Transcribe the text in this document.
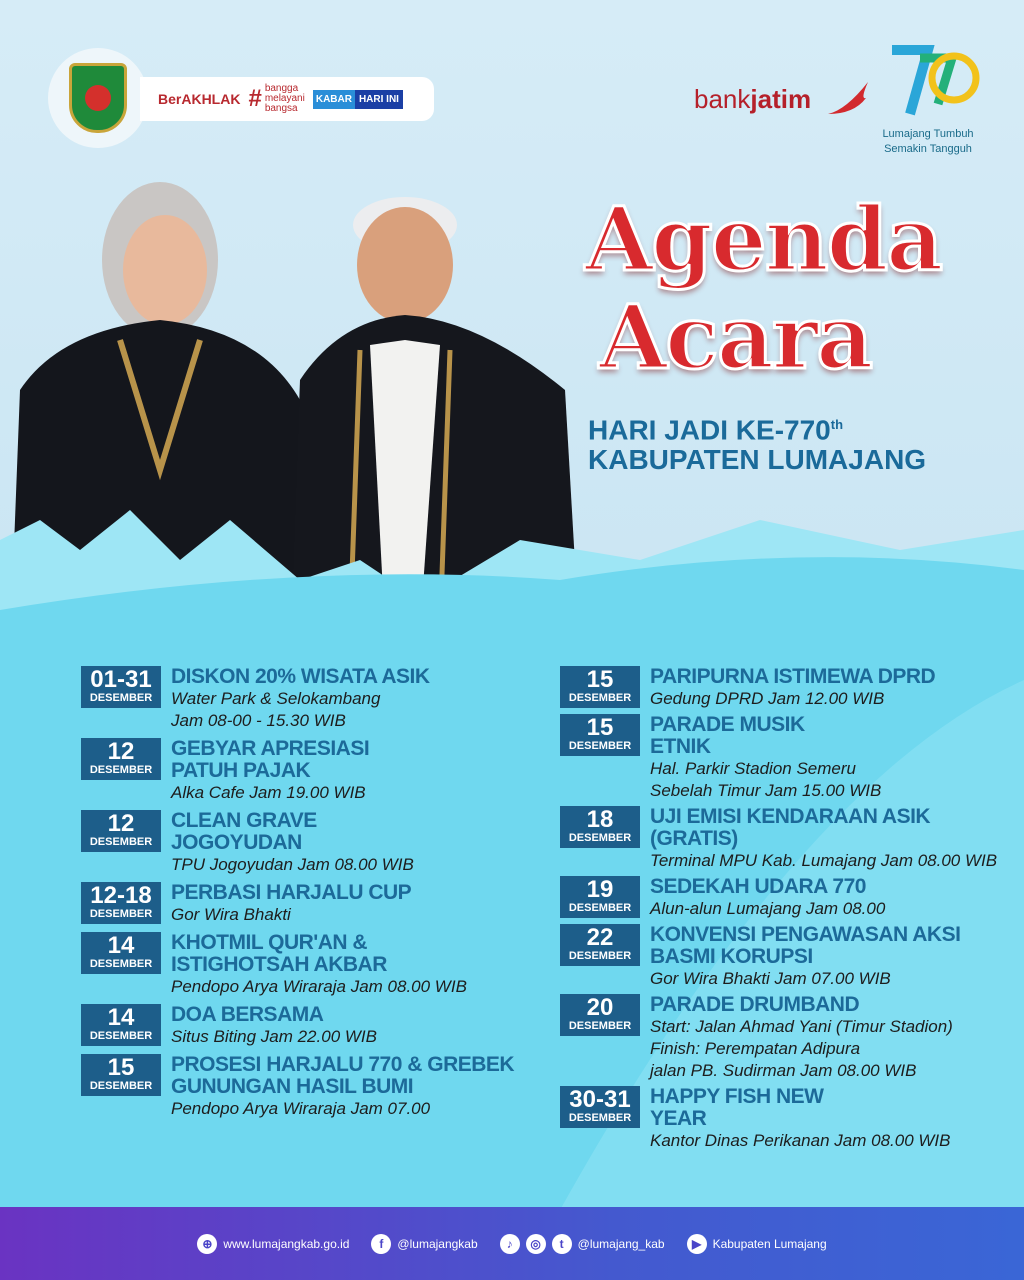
BerAKHLAK # bangga
melayani
bangsa
KABAR HARI INI	bankjatim
Lumajang Tumbuh Semakin Tangguh
Agenda
Acara
HARI JADI KE-770th
KABUPATEN LUMAJANG
01-31
DESEMBER
DISKON 20% WISATA ASIK
Water Park & Selokambang
Jam 08-00 - 15.30 WIB
12
DESEMBER
GEBYAR APRESIASI PATUH PAJAK
Alka Cafe Jam 19.00 WIB
12
DESEMBER
CLEAN GRAVE JOGOYUDAN
TPU Jogoyudan Jam 08.00 WIB
12-18
DESEMBER
PERBASI HARJALU CUP
Gor Wira Bhakti
14
DESEMBER
KHOTMIL QUR'AN & ISTIGHOTSAH AKBAR
Pendopo Arya Wiraraja Jam 08.00 WIB
14
DESEMBER
DOA BERSAMA
Situs Biting Jam 22.00 WIB
15
DESEMBER
PROSESI HARJALU 770 & GREBEK GUNUNGAN HASIL BUMI
Pendopo Arya Wiraraja Jam 07.00
15
DESEMBER
PARIPURNA ISTIMEWA DPRD
Gedung DPRD Jam 12.00 WIB
15
DESEMBER
PARADE MUSIK ETNIK
Hal. Parkir Stadion Semeru
Sebelah Timur Jam 15.00 WIB
18
DESEMBER
UJI EMISI KENDARAAN ASIK (GRATIS)
Terminal MPU Kab. Lumajang Jam 08.00 WIB
19
DESEMBER
SEDEKAH UDARA 770
Alun-alun Lumajang Jam 08.00
22
DESEMBER
KONVENSI PENGAWASAN AKSI BASMI KORUPSI
Gor Wira Bhakti Jam 07.00 WIB
20
DESEMBER
PARADE DRUMBAND
Start: Jalan Ahmad Yani (Timur Stadion)
Finish: Perempatan Adipura
jalan PB. Sudirman Jam 08.00 WIB
30-31
DESEMBER
HAPPY FISH NEW YEAR
Kantor Dinas Perikanan Jam 08.00 WIB
⊕ www.lumajangkab.go.id	f	@lumajangkab	♪	◎	t	@lumajang_kab	▶ Kabupaten Lumajang
